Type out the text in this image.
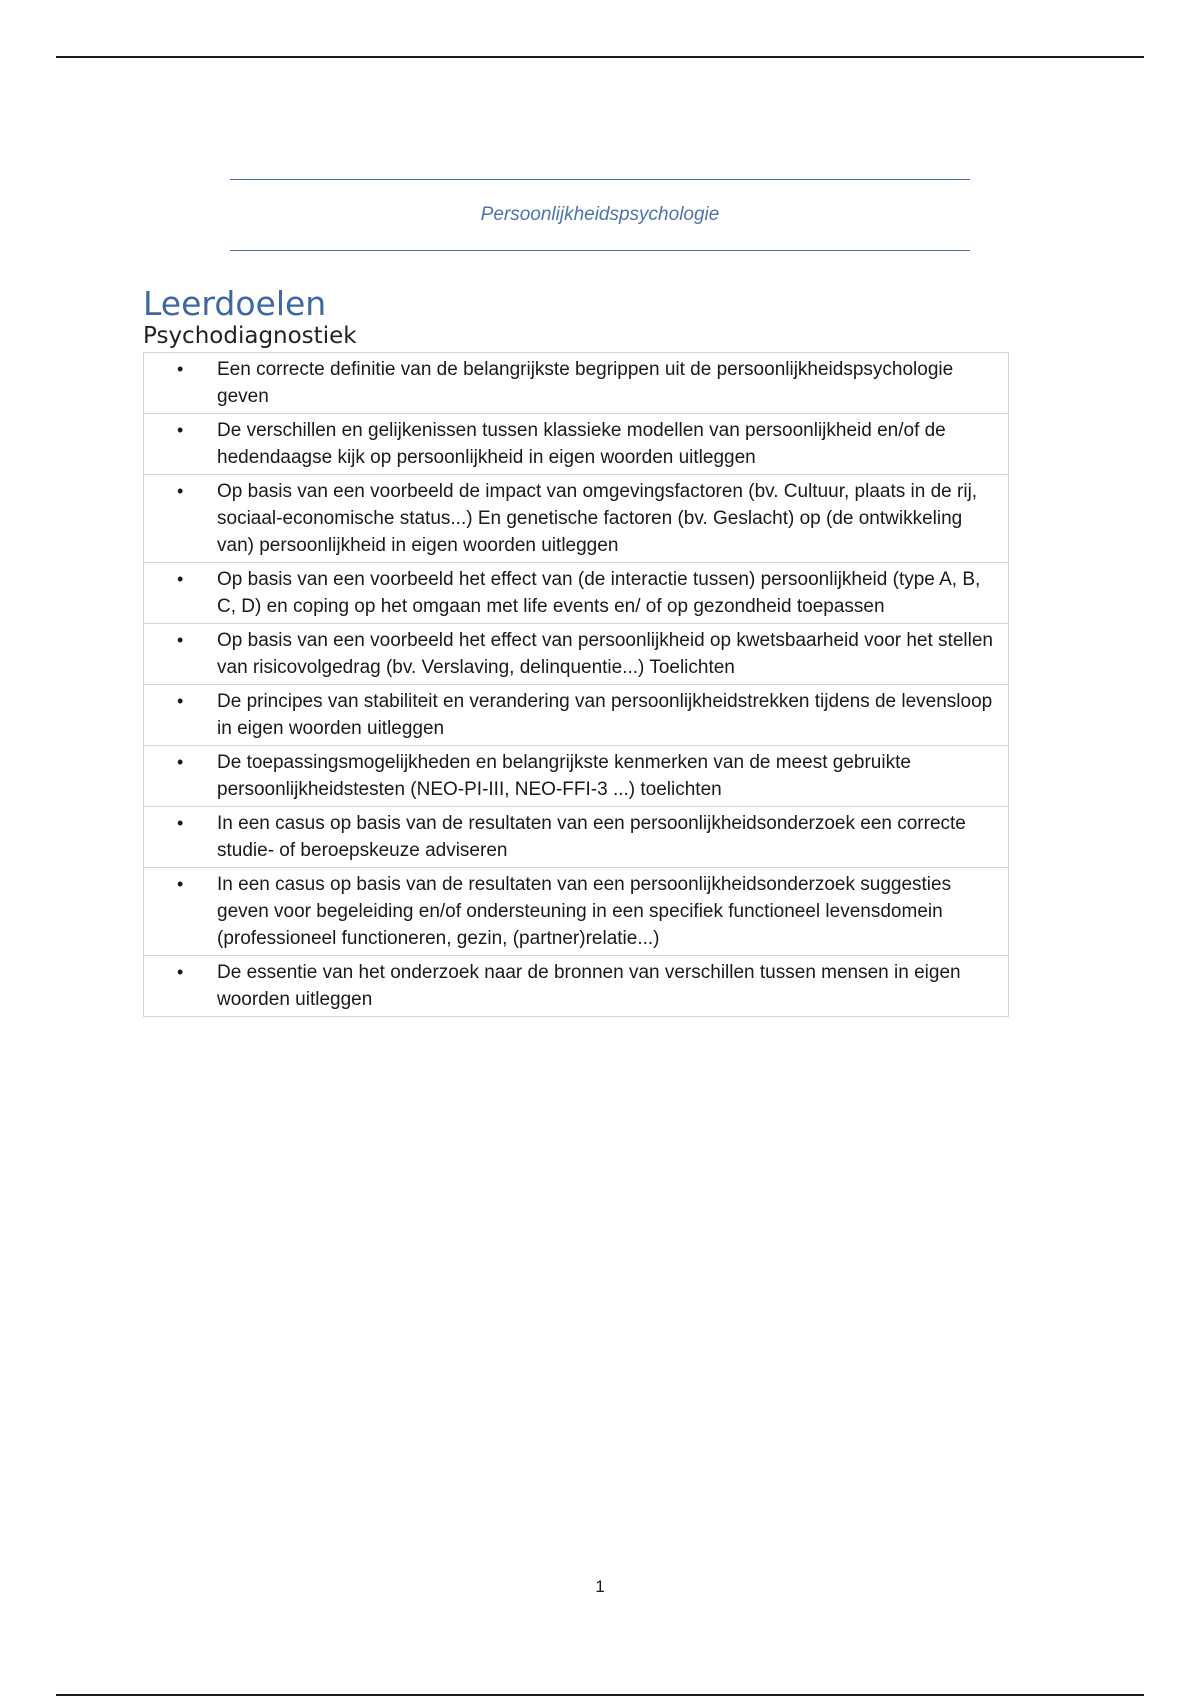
Persoonlijkheidspsychologie
Leerdoelen
Psychodiagnostiek
•	Een correcte definitie van de belangrijkste begrippen uit de persoonlijkheidspsychologie geven
•	De verschillen en gelijkenissen tussen klassieke modellen van persoonlijkheid en/of de hedendaagse kijk op persoonlijkheid in eigen woorden uitleggen
•	Op basis van een voorbeeld de impact van omgevingsfactoren (bv. Cultuur, plaats in de rij, sociaal-economische status...) En genetische factoren (bv. Geslacht) op (de ontwikkeling van) persoonlijkheid in eigen woorden uitleggen
•	Op basis van een voorbeeld het effect van (de interactie tussen) persoonlijkheid (type A, B, C, D) en coping op het omgaan met life events en/ of op gezondheid toepassen
•	Op basis van een voorbeeld het effect van persoonlijkheid op kwetsbaarheid voor het stellen van risicovolgedrag (bv. Verslaving, delinquentie...) Toelichten
•	De principes van stabiliteit en verandering van persoonlijkheidstrekken tijdens de levensloop in eigen woorden uitleggen
•	De toepassingsmogelijkheden en belangrijkste kenmerken van de meest gebruikte persoonlijkheidstesten (NEO-PI-III, NEO-FFI-3 ...) toelichten
•	In een casus op basis van de resultaten van een persoonlijkheidsonderzoek een correcte studie- of beroepskeuze adviseren
•	In een casus op basis van de resultaten van een persoonlijkheidsonderzoek suggesties geven voor begeleiding en/of ondersteuning in een specifiek functioneel levensdomein (professioneel functioneren, gezin, (partner)relatie...)
•	De essentie van het onderzoek naar de bronnen van verschillen tussen mensen in eigen woorden uitleggen
1
